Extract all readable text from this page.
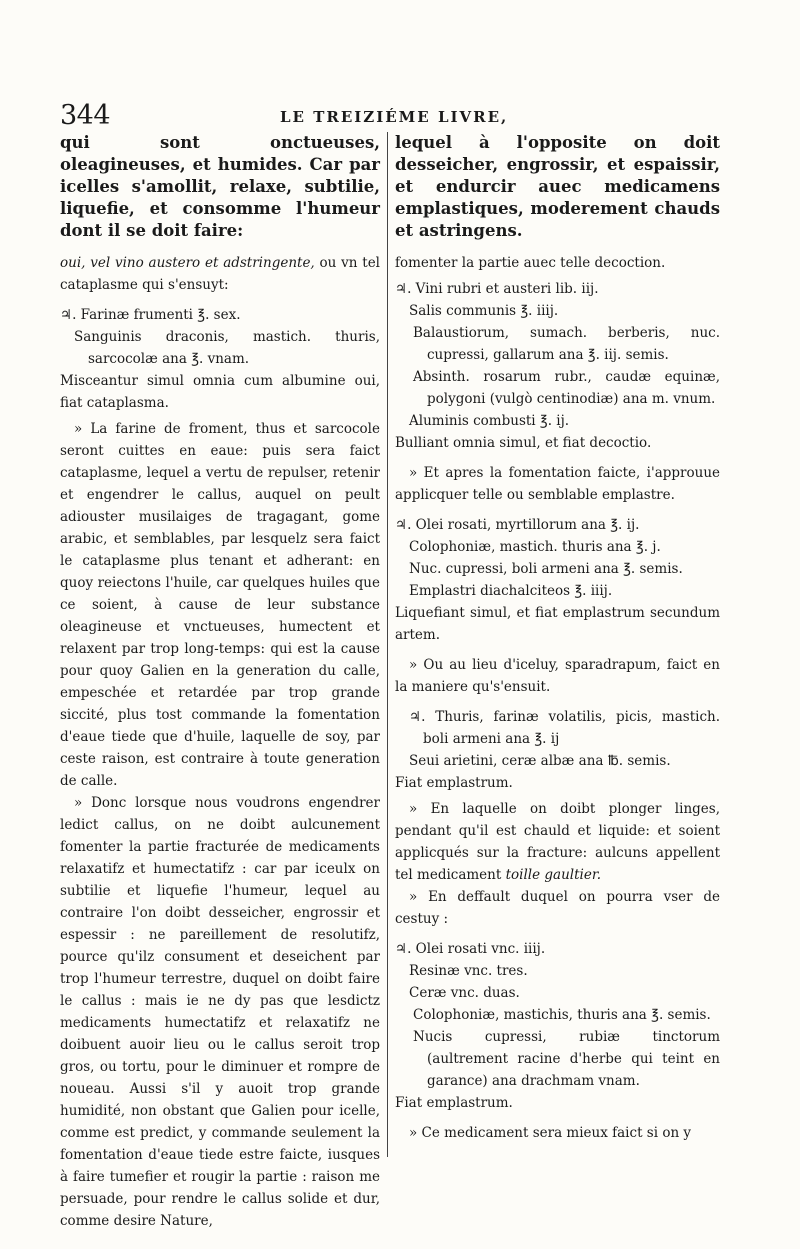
344	LE TREIZIÉME LIVRE,

qui sont onctueuses, oleagineuses, et humides. Car par icelles s'amollit, relaxe, subtilie, liquefie, et consomme l'humeur dont il se doit faire:

oui, vel vino austero et adstringente, ou vn tel cataplasme qui s'ensuyt:

♃. Farinæ frumenti ℥. sex.

Sanguinis draconis, mastich. thuris, sarcocolæ ana ℥. vnam.

Misceantur simul omnia cum albumine oui, fiat cataplasma.

» La farine de froment, thus et sarcocole seront cuittes en eaue: puis sera faict cataplasme, lequel a vertu de repulser, retenir et engendrer le callus, auquel on peult adiouster musilaiges de tragagant, gome arabic, et semblables, par lesquelz sera faict le cataplasme plus tenant et adherant: en quoy reiectons l'huile, car quelques huiles que ce soient, à cause de leur substance oleagineuse et vnctueuses, humectent et relaxent par trop long-temps: qui est la cause pour quoy Galien en la generation du calle, empeschée et retardée par trop grande siccité, plus tost commande la fomentation d'eaue tiede que d'huile, laquelle de soy, par ceste raison, est contraire à toute generation de calle.

» Donc lorsque nous voudrons engendrer ledict callus, on ne doibt aulcunement fomenter la partie fracturée de medicaments relaxatifz et humectatifz : car par iceulx on subtilie et liquefie l'humeur, lequel au contraire l'on doibt desseicher, engrossir et espessir : ne pareillement de resolutifz, pource qu'ilz consument et deseichent par trop l'humeur terrestre, duquel on doibt faire le callus : mais ie ne dy pas que lesdictz medicaments humectatifz et relaxatifz ne doibuent auoir lieu ou le callus seroit trop gros, ou tortu, pour le diminuer et rompre de noueau. Aussi s'il y auoit trop grande humidité, non obstant que Galien pour icelle, comme est predict, y commande seulement la fomentation d'eaue tiede estre faicte, iusques à faire tumefier et rougir la partie : raison me persuade, pour rendre le callus solide et dur, comme desire Nature,

lequel à l'opposite on doit desseicher, engrossir, et espaissir, et endurcir auec medicamens emplastiques, moderement chauds et astringens.

fomenter la partie auec telle decoction.

♃. Vini rubri et austeri lib. iij.

Salis communis ℥. iiij.

Balaustiorum, sumach. berberis, nuc. cupressi, gallarum ana ℥. iij. semis.

Absinth. rosarum rubr., caudæ equinæ, polygoni (vulgò centinodiæ) ana m. vnum.

Aluminis combusti ℥. ij.

Bulliant omnia simul, et fiat decoctio.

» Et apres la fomentation faicte, i'approuue applicquer telle ou semblable emplastre.

♃. Olei rosati, myrtillorum ana ℥. ij.

Colophoniæ, mastich. thuris ana ℥. j.

Nuc. cupressi, boli armeni ana ℥. semis.

Emplastri diachalciteos ℥. iiij.

Liquefiant simul, et fiat emplastrum secundum artem.

» Ou au lieu d'iceluy, sparadrapum, faict en la maniere qu's'ensuit.

♃. Thuris, farinæ volatilis, picis, mastich. boli armeni ana ℥. ij

Seui arietini, ceræ albæ ana ℔. semis.

Fiat emplastrum.

» En laquelle on doibt plonger linges, pendant qu'il est chauld et liquide: et soient applicqués sur la fracture: aulcuns appellent tel medicament toille gaultier.

» En deffault duquel on pourra vser de cestuy :

♃. Olei rosati vnc. iiij.

Resinæ vnc. tres.

Ceræ vnc. duas.

Colophoniæ, mastichis, thuris ana ℥. semis.

Nucis cupressi, rubiæ tinctorum (aultrement racine d'herbe qui teint en garance) ana drachmam vnam.

Fiat emplastrum.

» Ce medicament sera mieux faict si on y
